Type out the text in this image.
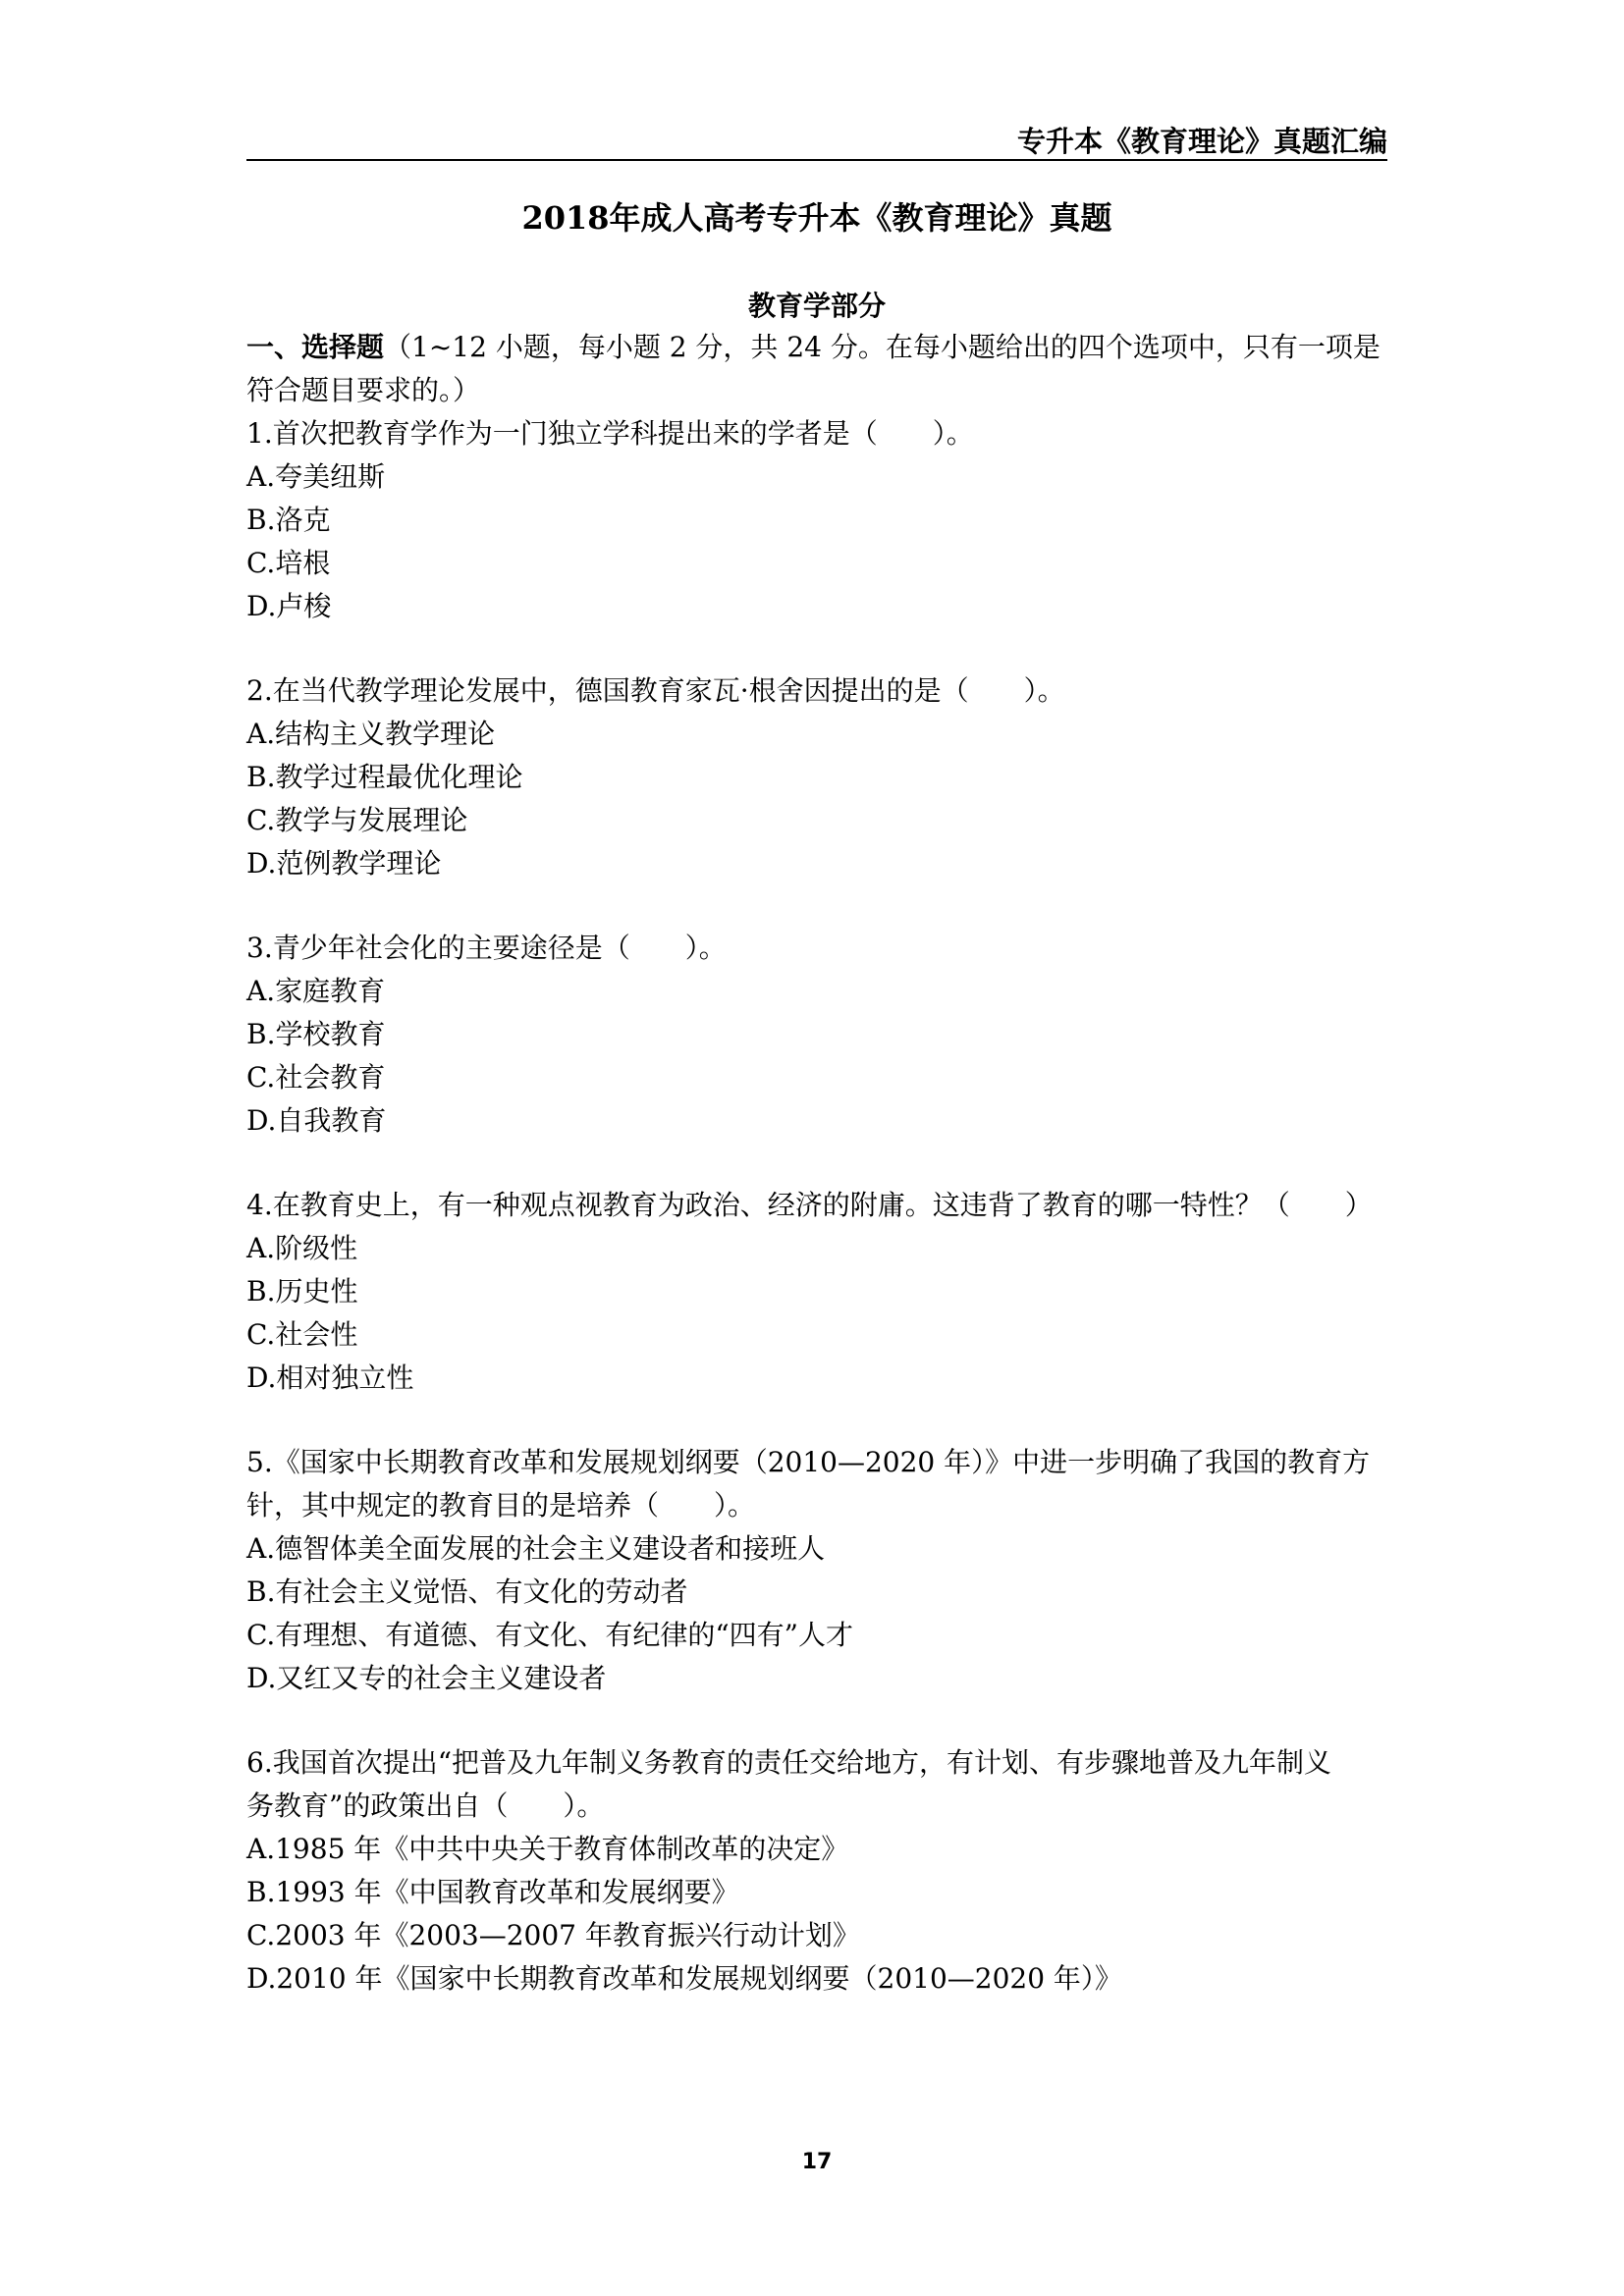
专升本《教育理论》真题汇编
2018年成人高考专升本《教育理论》真题
教育学部分
一、选择题（1~12 小题，每小题 2 分，共 24 分。在每小题给出的四个选项中，只有一项是
符合题目要求的。）
1.首次把教育学作为一门独立学科提出来的学者是（　　）。
A.夸美纽斯
B.洛克
C.培根
D.卢梭
2.在当代教学理论发展中，德国教育家瓦·根舍因提出的是（　　）。
A.结构主义教学理论
B.教学过程最优化理论
C.教学与发展理论
D.范例教学理论
3.青少年社会化的主要途径是（　　）。
A.家庭教育
B.学校教育
C.社会教育
D.自我教育
4.在教育史上，有一种观点视教育为政治、经济的附庸。这违背了教育的哪一特性？（　　）
A.阶级性
B.历史性
C.社会性
D.相对独立性
5.《国家中长期教育改革和发展规划纲要（2010—2020 年）》中进一步明确了我国的教育方
针，其中规定的教育目的是培养（　　）。
A.德智体美全面发展的社会主义建设者和接班人
B.有社会主义觉悟、有文化的劳动者
C.有理想、有道德、有文化、有纪律的“四有”人才
D.又红又专的社会主义建设者
6.我国首次提出“把普及九年制义务教育的责任交给地方，有计划、有步骤地普及九年制义
务教育”的政策出自（　　）。
A.1985 年《中共中央关于教育体制改革的决定》
B.1993 年《中国教育改革和发展纲要》
C.2003 年《2003—2007 年教育振兴行动计划》
D.2010 年《国家中长期教育改革和发展规划纲要（2010—2020 年）》
17
